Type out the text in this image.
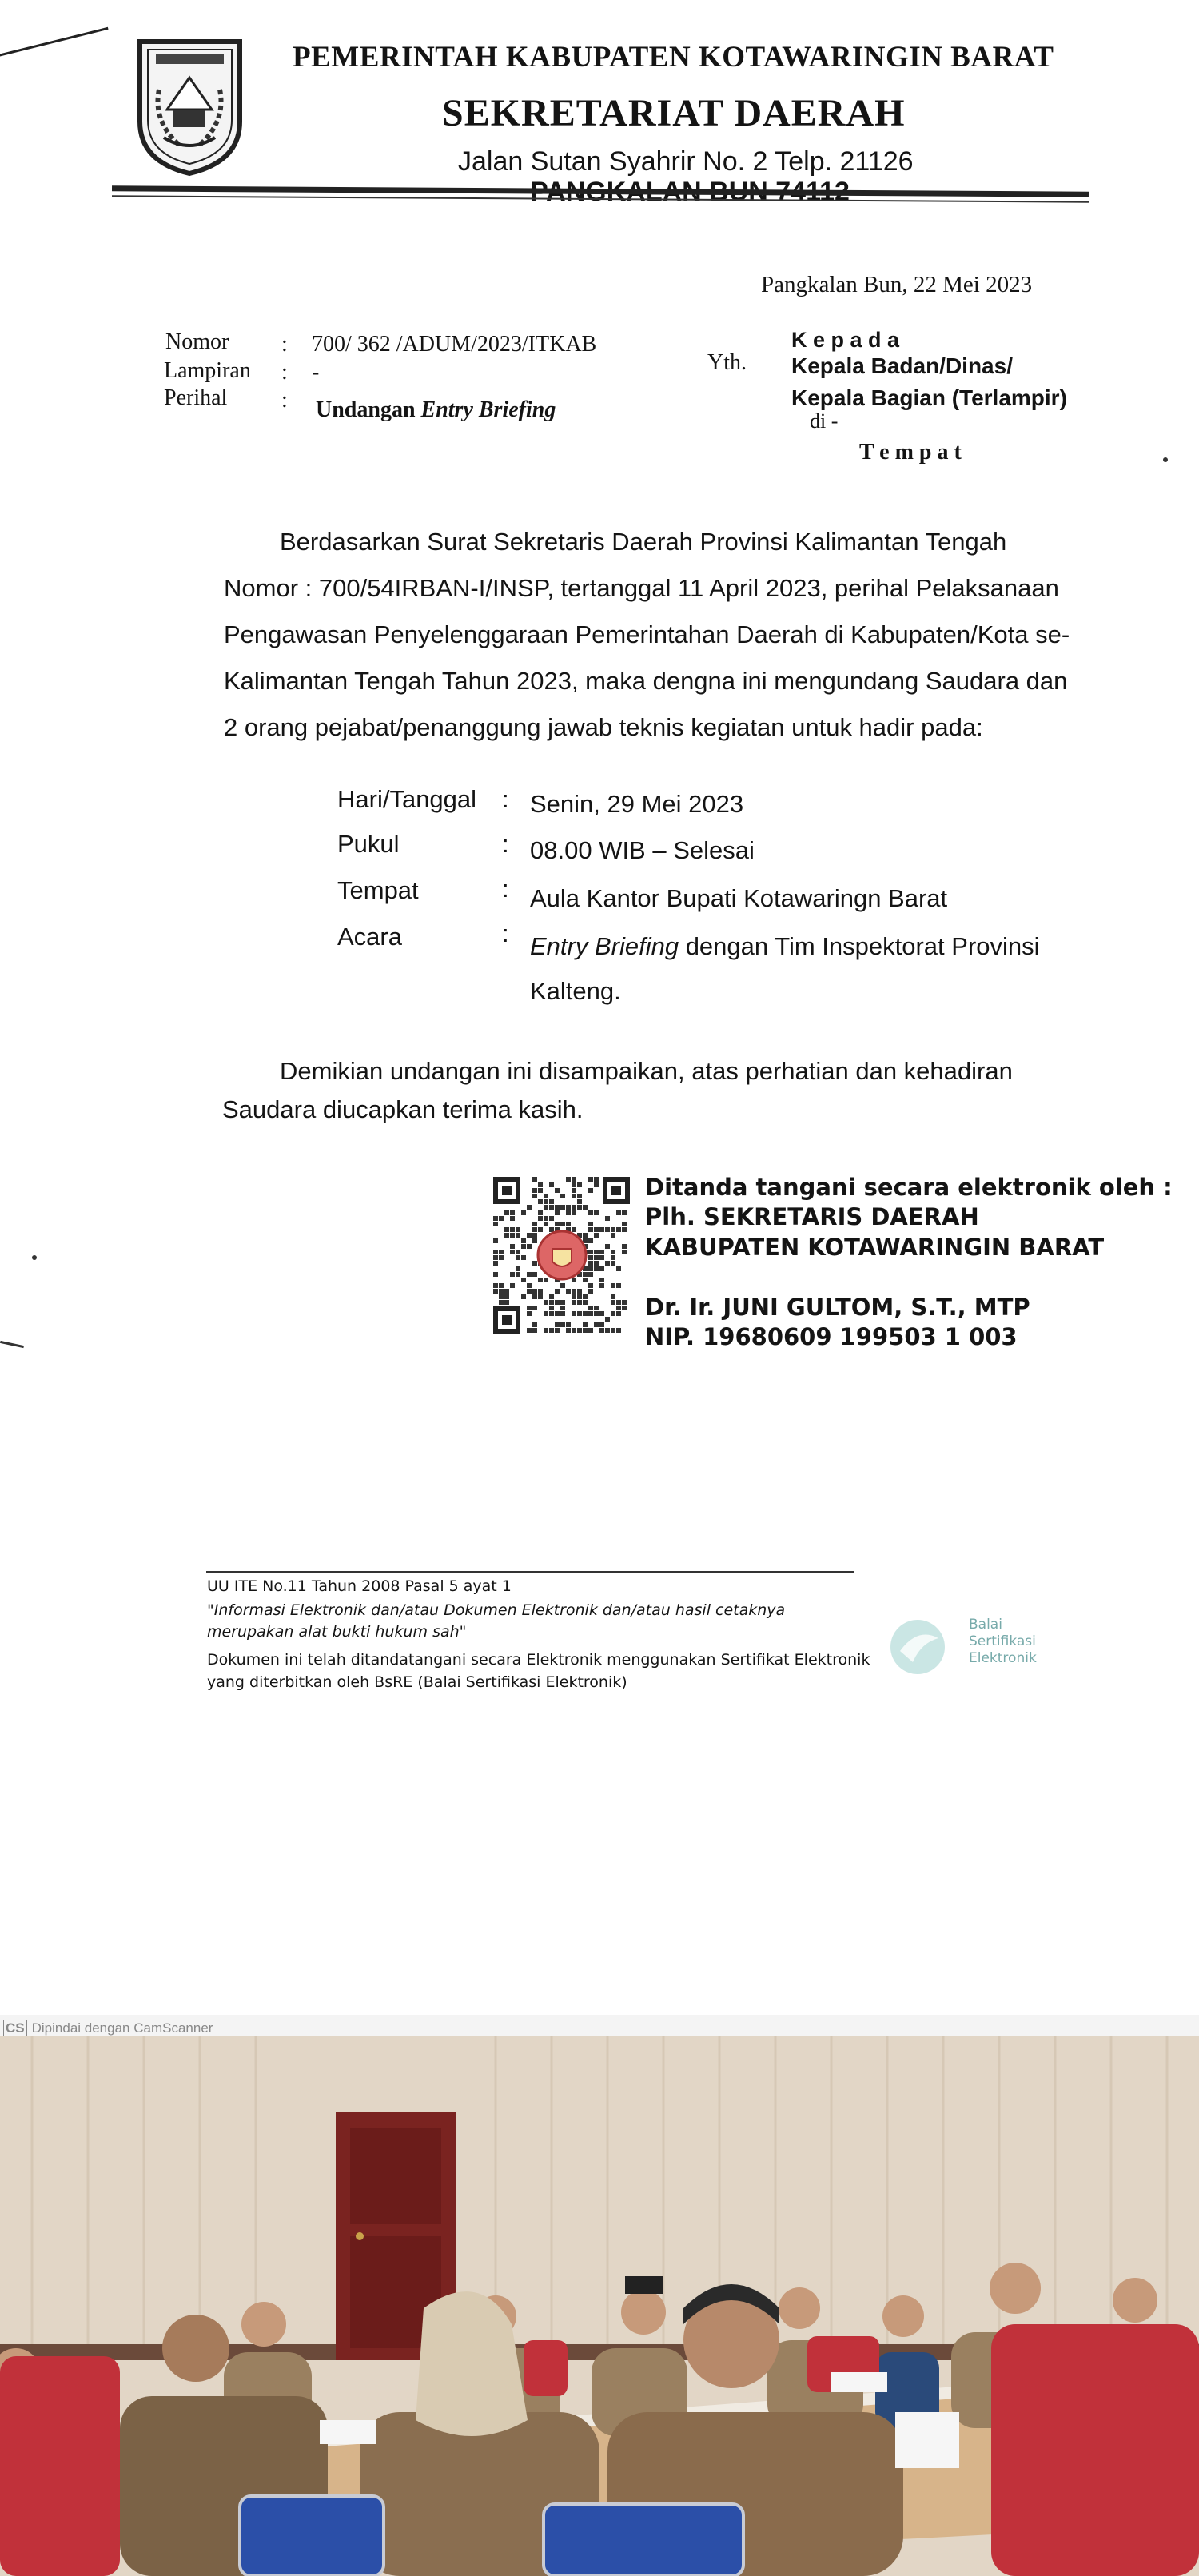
PEMERINTAH KABUPATEN KOTAWARINGIN BARAT
SEKRETARIAT DAERAH
Jalan Sutan Syahrir No. 2 Telp. 21126
Pangkalan Bun, 22 Mei 2023
Nomor : 700/ 362 /ADUM/2023/ITKAB
Lampiran : -
Perihal : Undangan Entry Briefing
Yth.
K e p a d a
Kepala Badan/Dinas/
Kepala Bagian (Terlampir)
di -
T e m p a t
Berdasarkan Surat Sekretaris Daerah Provinsi Kalimantan Tengah
Nomor : 700/54IRBAN-I/INSP, tertanggal 11 April 2023, perihal Pelaksanaan
Pengawasan Penyelenggaraan Pemerintahan Daerah di Kabupaten/Kota se-
Kalimantan Tengah Tahun 2023, maka dengna ini mengundang Saudara dan
2 orang pejabat/penanggung jawab teknis kegiatan untuk hadir pada:
Hari/Tanggal : Senin, 29 Mei 2023
Pukul	: 08.00 WIB – Selesai
Tempat	: Aula Kantor Bupati Kotawaringn Barat
Acara	: Entry Briefing dengan Tim Inspektorat Provinsi
Kalteng.
Demikian undangan ini disampaikan, atas perhatian dan kehadiran
Saudara diucapkan terima kasih.
Ditanda tangani secara elektronik oleh :
Plh. SEKRETARIS DAERAH
KABUPATEN KOTAWARINGIN BARAT
Dr. Ir. JUNI GULTOM, S.T., MTP
NIP. 19680609 199503 1 003
UU ITE No.11 Tahun 2008 Pasal 5 ayat 1
"Informasi Elektronik dan/atau Dokumen Elektronik dan/atau hasil cetaknya
merupakan alat bukti hukum sah"
Dokumen ini telah ditandatangani secara Elektronik menggunakan Sertifikat Elektronik
yang diterbitkan oleh BsRE (Balai Sertifikasi Elektronik)
Balai
Sertifikasi
Elektronik
CS Dipindai dengan CamScanner
